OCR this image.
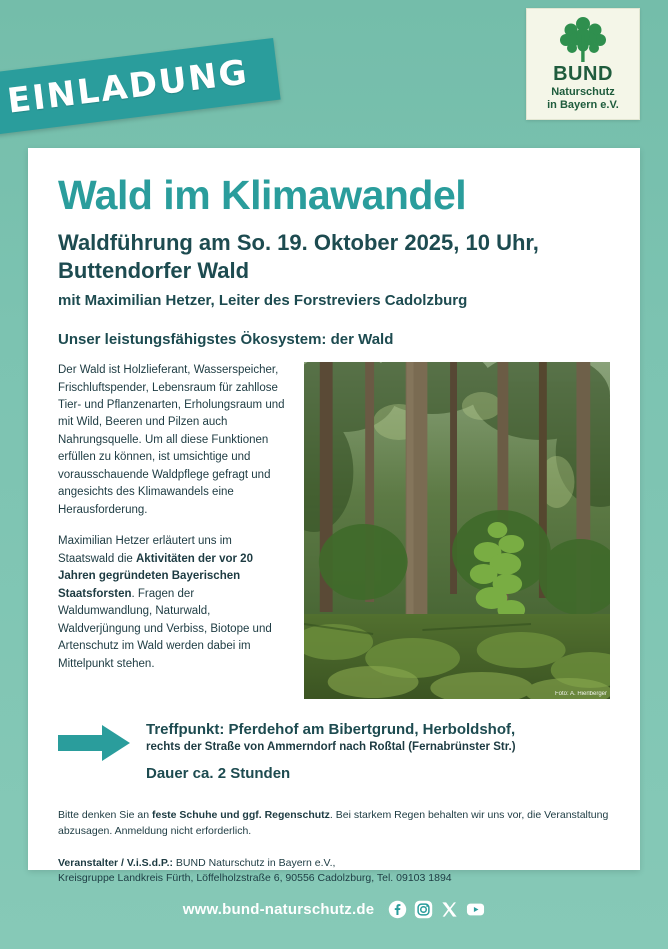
BUND
Naturschutz
in Bayern e.V.
EINLADUNG
Wald im Klimawandel
Waldführung am So. 19. Oktober 2025, 10 Uhr, Buttendorfer Wald
mit Maximilian Hetzer, Leiter des Forstreviers Cadolzburg
Unser leistungsfähigstes Ökosystem: der Wald

Der Wald ist Holzlieferant, Wasserspeicher, Frischluftspender, Lebensraum für zahllose Tier- und Pflanzenarten, Erholungsraum und mit Wild, Beeren und Pilzen auch Nahrungsquelle. Um all diese Funktionen erfüllen zu können, ist umsichtige und vorausschauende Waldpflege gefragt und angesichts des Klimawandels eine Herausforderung.

Maximilian Hetzer erläutert uns im Staatswald die Aktivitäten der vor 20 Jahren gegründeten Bayerischen Staatsforsten. Fragen der Waldumwandlung, Naturwald, Waldverjüngung und Verbiss, Biotope und Artenschutz im Wald werden dabei im Mittelpunkt stehen.

Foto: A. Hierlberger
Treffpunkt: Pferdehof am Bibertgrund, Herboldshof,
rechts der Straße von Ammerndorf nach Roßtal (Fernabrünster Str.)
Dauer ca. 2 Stunden

Bitte denken Sie an feste Schuhe und ggf. Regenschutz. Bei starkem Regen behalten wir uns vor, die Veranstaltung abzusagen. Anmeldung nicht erforderlich.

Veranstalter / V.i.S.d.P.: BUND Naturschutz in Bayern e.V.,
Kreisgruppe Landkreis Fürth, Löffelholzstraße 6, 90556 Cadolzburg, Tel. 09103 1894

www.bund-naturschutz.de
